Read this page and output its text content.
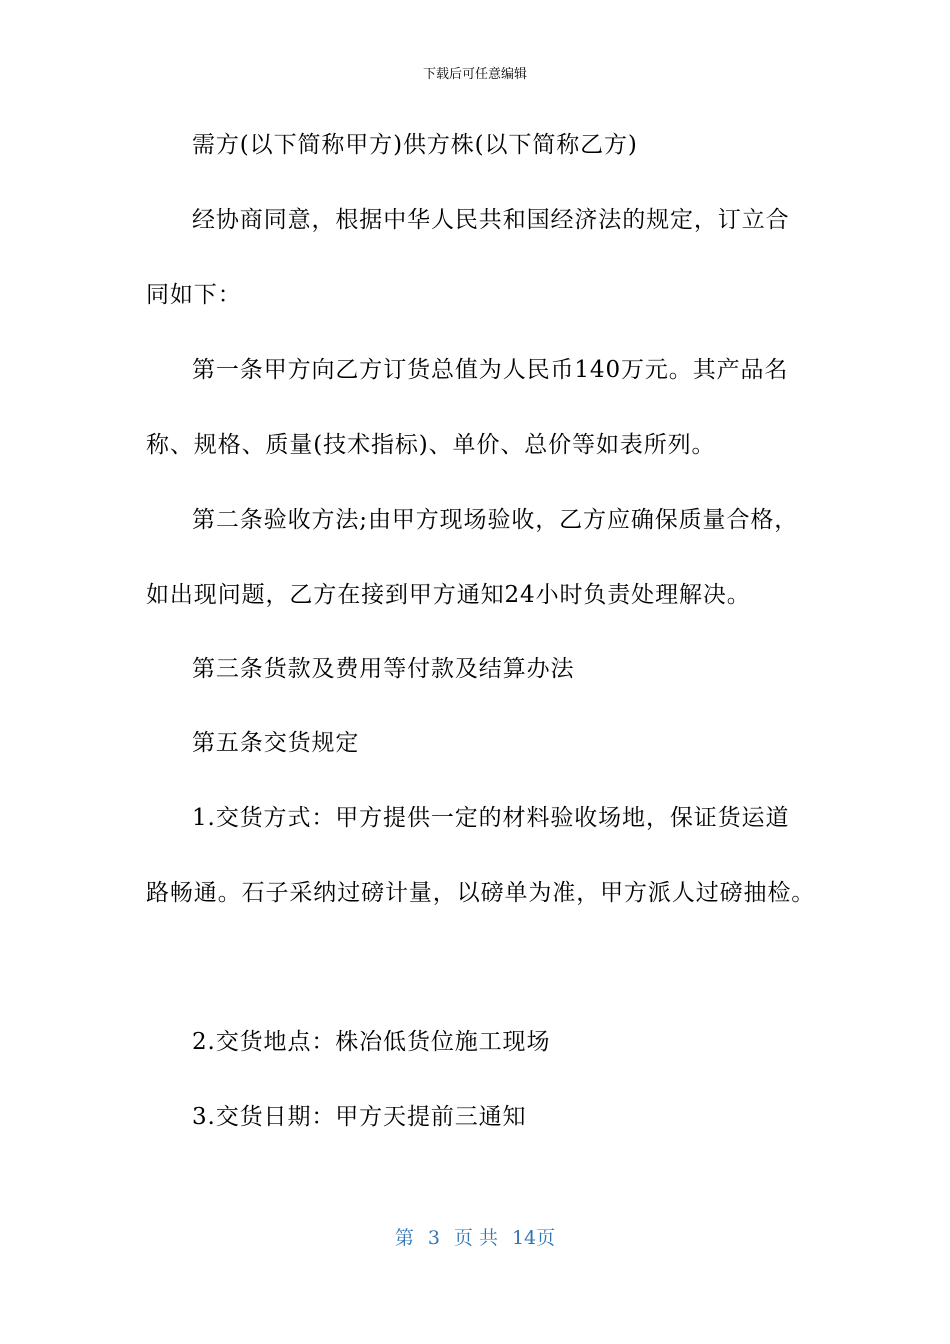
下载后可任意编辑
需方(以下简称甲方)供方株(以下简称乙方)
经协商同意，根据中华人民共和国经济法的规定，订立合
同如下：
第一条甲方向乙方订货总值为人民币140万元。其产品名
称、规格、质量(技术指标)、单价、总价等如表所列。
第二条验收方法;由甲方现场验收，乙方应确保质量合格，
如出现问题，乙方在接到甲方通知24小时负责处理解决。
第三条货款及费用等付款及结算办法
第五条交货规定
1.交货方式：甲方提供一定的材料验收场地，保证货运道
路畅通。石子采纳过磅计量，以磅单为准，甲方派人过磅抽检。
2.交货地点：株冶低货位施工现场
3.交货日期：甲方天提前三通知
第 3 页 共 14页
